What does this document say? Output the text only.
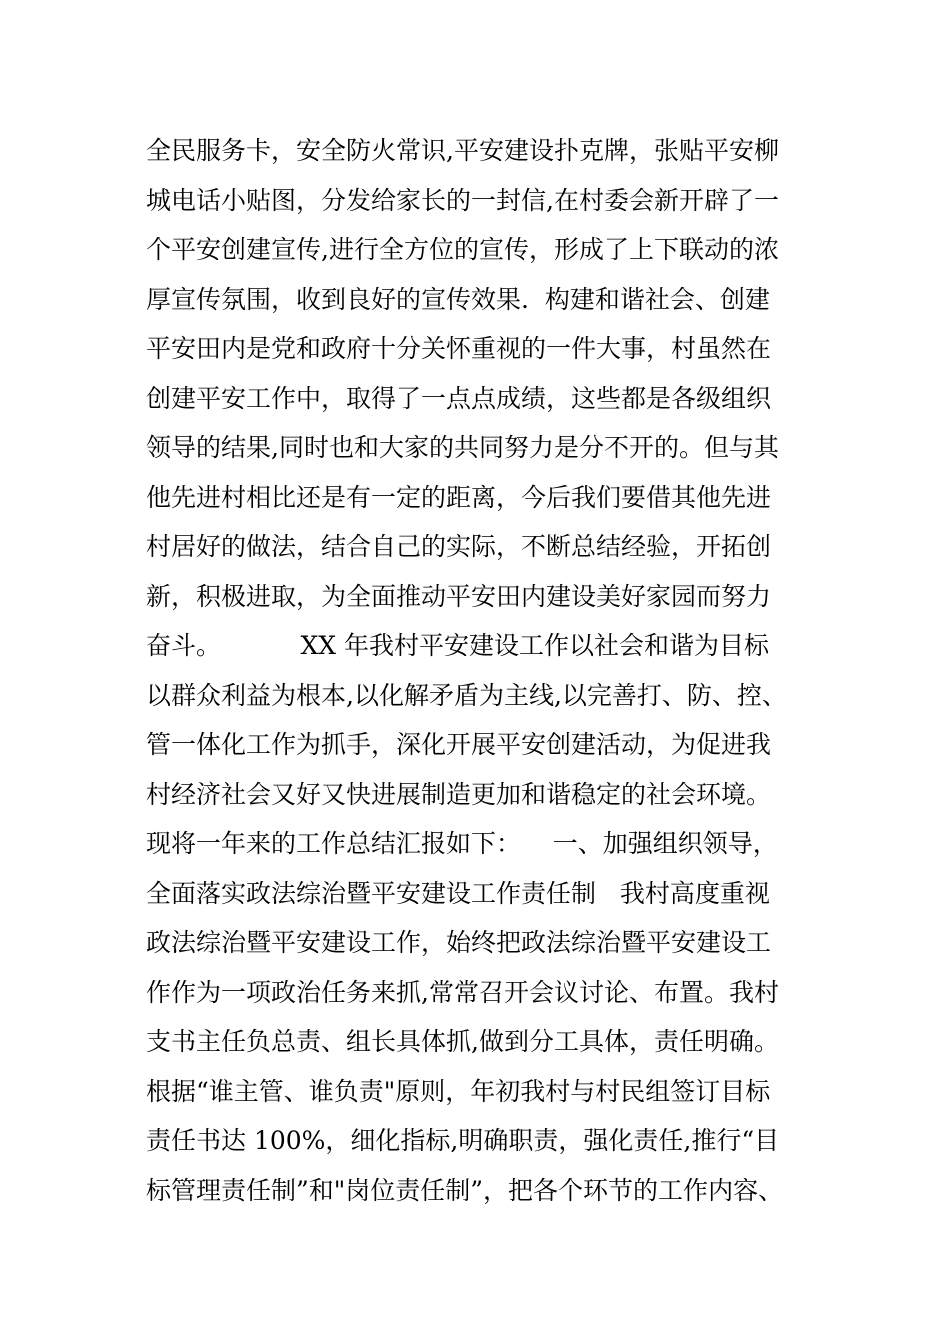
全民服务卡，安全防火常识,平安建设扑克牌，张贴平安柳
城电话小贴图，分发给家长的一封信,在村委会新开辟了一
个平安创建宣传,进行全方位的宣传，形成了上下联动的浓
厚宣传氛围，收到良好的宣传效果.  构建和谐社会、创建
平安田内是党和政府十分关怀重视的一件大事，村虽然在
创建平安工作中，取得了一点点成绩，这些都是各级组织
领导的结果,同时也和大家的共同努力是分不开的。但与其
他先进村相比还是有一定的距离，今后我们要借其他先进
村居好的做法，结合自己的实际，不断总结经验，开拓创
新，积极进取，为全面推动平安田内建设美好家园而努力
奋斗。          XX 年我村平安建设工作以社会和谐为目标
以群众利益为根本,以化解矛盾为主线,以完善打、防、控、
管一体化工作为抓手，深化开展平安创建活动，为促进我
村经济社会又好又快进展制造更加和谐稳定的社会环境。
现将一年来的工作总结汇报如下：    一、加强组织领导，
全面落实政法综治暨平安建设工作责任制   我村高度重视
政法综治暨平安建设工作，始终把政法综治暨平安建设工
作作为一项政治任务来抓,常常召开会议讨论、布置。我村
支书主任负总责、组长具体抓,做到分工具体，责任明确。
根据“谁主管、谁负责"原则，年初我村与村民组签订目标
责任书达 100%，细化指标,明确职责，强化责任,推行“目
标管理责任制”和"岗位责任制”，把各个环节的工作内容、
